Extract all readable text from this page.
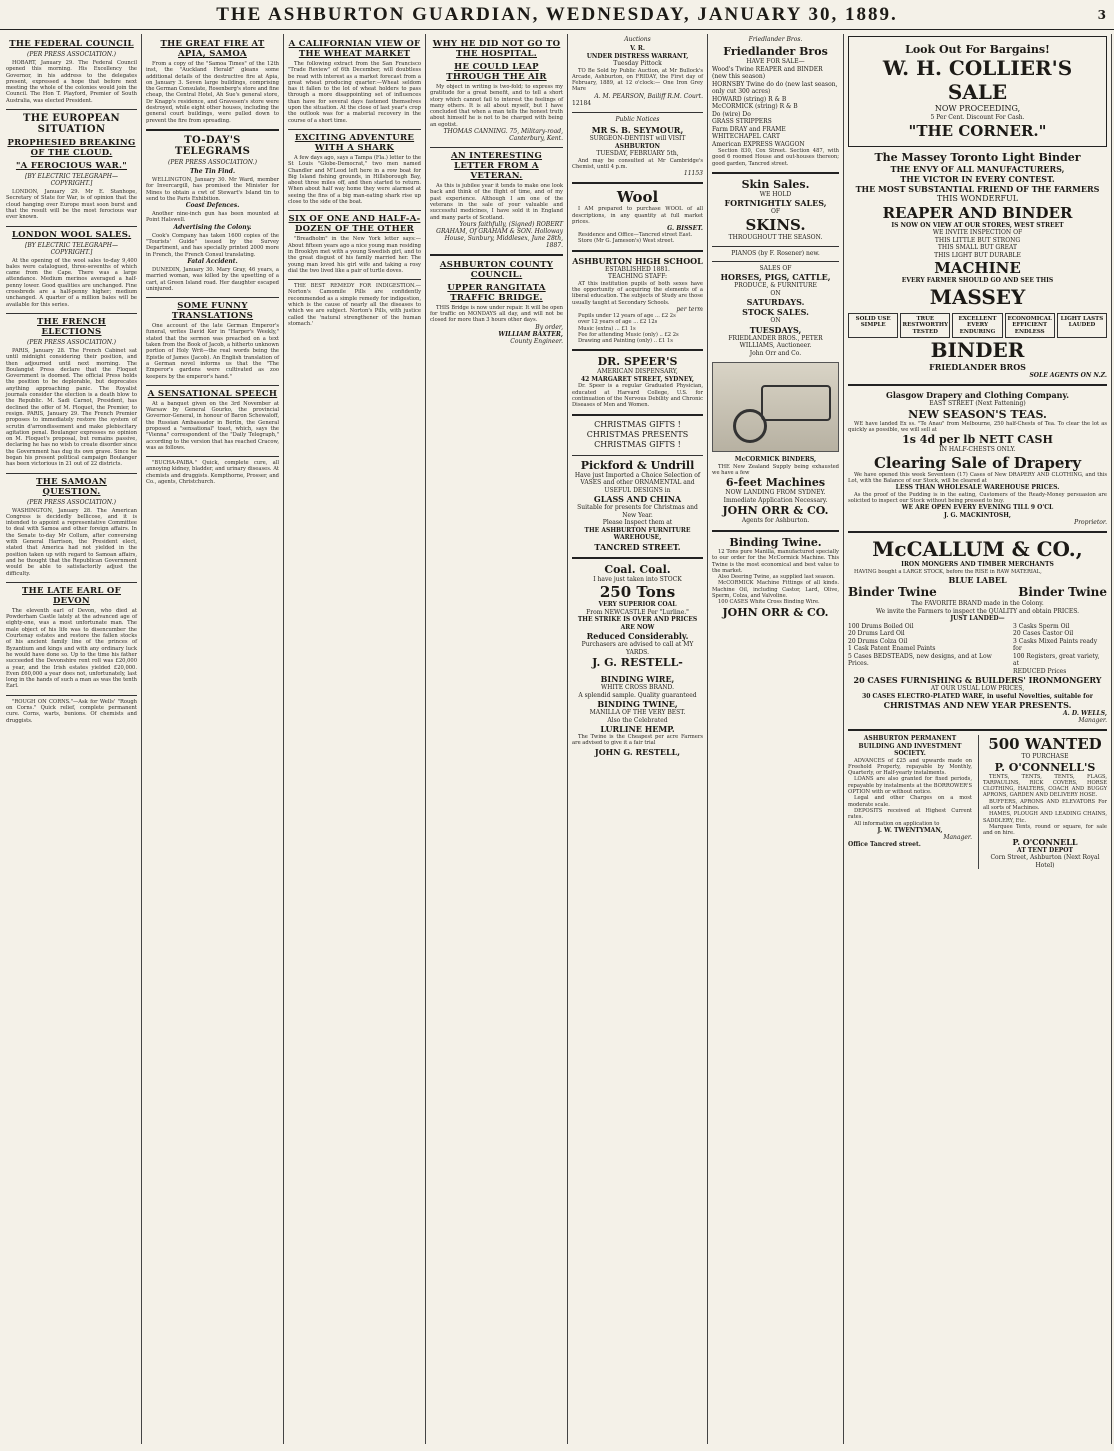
THE ASHBURTON GUARDIAN, WEDNESDAY, JANUARY 30, 1889.	3
THE FEDERAL COUNCIL
(PER PRESS ASSOCIATION.)
HOBART, January 29. The Federal Council opened this morning. His Excellency the Governor, in his address to the delegates present, expressed a hope that before next meeting the whole of the colonies would join the Council. The Hon T. Playford, Premier of South Australia, was elected President.
THE EUROPEAN SITUATION
PROPHESIED BREAKING OF THE CLOUD.
"A FEROCIOUS WAR."
[BY ELECTRIC TELEGRAPH—COPYRIGHT.]
LONDON, January 29. Mr E. Stanhope, Secretary of State for War, is of opinion that the cloud hanging over Europe must soon burst and that the result will be the most ferocious war ever known.
LONDON WOOL SALES.
[BY ELECTRIC TELEGRAPH—COPYRIGHT.]
At the opening of the wool sales to-day 9,400 bales were catalogued, three-sevenths of which came from the Cape. There was a large attendance. Medium merinos averaged a half-penny lower. Good qualities are unchanged. Fine crossbreds are a half-penny higher; medium unchanged. A quarter of a million bales will be available for this series.
THE FRENCH ELECTIONS
(PER PRESS ASSOCIATION.)
PARIS, January 28. The French Cabinet sat until midnight considering their position, and then adjourned until next morning. The Boulangist Press declare that the Floquet Government is doomed. The official Press holds the position to be deplorable, but deprecates anything approaching panic. The Royalist journals consider the election is a death blow to the Republic. M. Sadi Carnot, President, has declined the offer of M. Floquet, the Premier, to resign. PARIS, January 29. The French Premier proposes to immediately restore the system of scrutin d'arrondissement and make plebiscitary agitation penal. Boulanger expresses no opinion on M. Floquet's proposal, but remains passive, declaring he has no wish to create disorder since the Government has dug its own grave. Since he began his present political campaign Boulanger has been victorious in 21 out of 22 districts.
THE SAMOAN QUESTION.
(PER PRESS ASSOCIATION.)
WASHINGTON, January 28. The American Congress is decidedly bellicose, and it is intended to appoint a representative Committee to deal with Samoa and other foreign affairs. In the Senate to-day Mr Collum, after conversing with General Harrison, the President elect, stated that America had not yielded in the position taken up with regard to Samoan affairs, and he thought that the Republican Government would be able to satisfactorily adjust the difficulty.
THE LATE EARL OF DEVON
The eleventh earl of Devon, who died at Powderham Castle lately at the advanced age of eighty-one, was a most unfortunate man. The male object of his life was to disencumber the Courtenay estates and restore the fallen stocks of his ancient family line of the princes of Byzantium and kings and with any ordinary luck he would have done so. Up to the time his father succeeded the Devonshire rent roll was £20,000 a year, and the Irish estates yielded £20,000. Even £60,000 a year does not, unfortunately, last long in the hands of such a man as was the tenth Earl.
"ROUGH ON CORNS."—Ask for Wells' "Rough on Corns." Quick relief, complete permanent cure. Corns, warts, bunions. Of chemists and druggists.
THE GREAT FIRE AT APIA, SAMOA
From a copy of the "Samoa Times" of the 12th inst, the "Auckland Herald" gleans some additional details of the destructive fire at Apia, on January 3. Seven large buildings, comprising the German Consulate, Rosenberg's store and fine cheap, the Central Hotel, Ah Sue's general store, Dr Knapp's residence, and Gravesen's store were destroyed, while eight other houses, including the general court buildings, were pulled down to prevent the fire from spreading.
TO-DAY'S TELEGRAMS
(PER PRESS ASSOCIATION.)
The Tin Find.
WELLINGTON, January 30. Mr Ward, member for Invercargill, has promised the Minister for Mines to obtain a cwt of Stewart's Island tin to send to the Paris Exhibition.
Coast Defences.
Another nine-inch gun has been mounted at Point Halswell.
Advertising the Colony.
Cook's Company has taken 1600 copies of the "Tourists' Guide" issued by the Survey Department, and has specially printed 2000 more in French, the French Consul translating.
Fatal Accident.
DUNEDIN, January 30. Mary Gray, 46 years, a married woman, was killed by the upsetting of a cart, at Green Island road. Her daughter escaped uninjured.
SOME FUNNY TRANSLATIONS
One account of the late German Emperor's funeral, writes David Ker in "Harper's Weekly," stated that the sermon was preached on a text taken from the Book of Jacob, a hitherto unknown portion of Holy Writ—the real words being the Epistle of James (Jacob). An English translation of a German novel informs us that the "The Emperor's gardens were cultivated as zoo keepers by the emperor's hand."
A SENSATIONAL SPEECH
At a banquet given on the 3rd November at Warsaw by General Gourko, the provincial Governor-General, in honour of Baron Schewaloff, the Russian Ambassador in Berlin, the General proposed a "sensational" toast, which, says the "Vienna" correspondent of the "Daily Telegraph," according to the version that has reached Cracow, was as follows.
"BUCHA-PAIBA." Quick, complete cure, all annoying kidney, bladder, and urinary diseases. At chemists and druggists. Kempthorne, Prosser, and Co., agents, Christchurch.
A CALIFORNIAN VIEW OF THE WHEAT MARKET
The following extract from the San Francisco "Trade Review" of 6th December, will doubtless be read with interest as a market forecast from a great wheat producing quarter:—Wheat seldom has it fallen to the lot of wheat holders to pass through a more disappointing set of influences than have for several days fastened themselves upon the situation. At the close of last year's crop the outlook was for a material recovery in the course of a short time.
EXCITING ADVENTURE WITH A SHARK
A few days ago, says a Tampa (Fla.) letter to the St Louis "Globe-Democrat," two men named Chandler and M'Leod left here in a row boat for Big Island fishing grounds, in Hillsborough Bay, about three miles off, and then started to return. When about half way home they were alarmed at seeing the fins of a big man-eating shark rise up close to the side of the boat.
SIX OF ONE AND HALF-A-DOZEN OF THE OTHER
"Breadholm" in the New York letter says:—About fifteen years ago a nice young man residing in Brooklyn met with a young Swedish girl, and to the great disgust of his family married her. The young man loved his girl wife and taking a rosy dial the two lived like a pair of turtle doves.
THE BEST REMEDY FOR INDIGESTION.—Norton's Camomile Pills are confidently recommended as a simple remedy for indigestion, which is the cause of nearly all the diseases to which we are subject. Norton's Pills, with justice called the 'natural strengthener of the human stomach.'
WHY HE DID NOT GO TO THE HOSPITAL.
HE COULD LEAP THROUGH THE AIR
My object in writing is two-fold; to express my gratitude for a great benefit, and to tell a short story which cannot fail to interest the feelings of many others. It is all about myself, but I have concluded that when a man tells the honest truth about himself he is not to be charged with being an egotist.
THOMAS CANNING. 75, Military-road, Canterbury, Kent.
AN INTERESTING LETTER FROM A VETERAN.
As this is jubilee year it tends to make one look back and think of the flight of time, and of my past experience. Although I am one of the veterans in the sale of your valuable and successful medicines, I have sold it in England and many parts of Scotland.
Yours faithfully, (Signed) ROBERT GRAHAM, Of GRAHAM & SON. Holloway House, Sunbury, Middlesex, June 28th, 1887.
ASHBURTON COUNTY COUNCIL.
UPPER RANGITATA TRAFFIC BRIDGE.
THIS Bridge is now under repair. It will be open for traffic on MONDAYS all day, and will not be closed for more than 3 hours other days.
By order,
WILLIAM BAXTER,
County Engineer.
Auctions
V. R.
UNDER DISTRESS WARRANT,
Tuesday Pittock
TO Be Sold by Public Auction, at Mr Bullock's Arcade, Ashburton, on FRIDAY, the First day of February, 1889, at 12 o'clock:— One Iron Grey Mare
A. M. PEARSON, Bailiff R.M. Court.
12184
Public Notices
MR S. B. SEYMOUR,
SURGEON-DENTIST will VISIT
ASHBURTON
TUESDAY, FEBRUARY 5th,
And may be consulted at Mr Cambridge's Chemist, until 4 p.m.
11153
Wool
I AM prepared to purchase WOOL of all descriptions, in any quantity at full market prices.
G. BISSET.
Residence and Office—Tancred street East.
Store (Mr G. Jameson's) West street.
ASHBURTON HIGH SCHOOL
ESTABLISHED 1881.
TEACHING STAFF:
AT this institution pupils of both sexes have the opportunity of acquiring the elements of a liberal education. The subjects of Study are those usually taught at Secondary Schools.
per term
Pupils under 12 years of age ... £2 2s
over 12 years of age ... £2 12s
Music (extra) ... £1 1s
Fee for attending Music (only) .. £2 2s
Drawing and Painting (only) .. £1 1s
DR. SPEER'S
AMERICAN DISPENSARY,
42 MARGARET STREET, SYDNEY,
Dr. Speer is a regular Graduated Physician, educated at Harvard College, U.S. for continuation of the Nervous Debility and Chronic Diseases of Men and Women.
CHRISTMAS GIFTS !
CHRISTMAS PRESENTS
CHRISTMAS GIFTS !
Pickford & Undrill
Have just Imported a Choice Selection of
VASES and other ORNAMENTAL and USEFUL DESIGNS in
GLASS AND CHINA
Suitable for presents for Christmas and New Year.
Please Inspect them at
THE ASHBURTON FURNITURE WAREHOUSE,
TANCRED STREET.
Coal. Coal.
I have just taken into STOCK
250 Tons
VERY SUPERIOR COAL
From NEWCASTLE Per "Lurline."
THE STRIKE IS OVER AND PRICES ARE NOW
Reduced Considerably.
Purchasers are advised to call at MY YARDS.
J. G. RESTELL-
BINDING WIRE,
WHITE CROSS BRAND.
A splendid sample. Quality guaranteed
BINDING TWINE,
MANILLA OF THE VERY BEST.
Also the Celebrated
LURLINE HEMP.
The Twine is the Cheapest per acre Farmers are advised to give it a fair trial
JOHN G. RESTELL,
Friedlander Bros.
Friedlander Bros
HAVE FOR SALE—
Wood's Twine REAPER and BINDER (new this season)
HORNSBY Twine do do (new last season, only cut 300 acres)
HOWARD (string) R & B
McCORMICK (string) R & B
Do (wire) Do
GRASS STRIPPERS
Farm DRAY and FRAME
WHITECHAPEL CART
American EXPRESS WAGGON
Section 830, Cox Street. Section 487, with good 6 roomed House and out-houses thereon; good garden, Tancred street.
Skin Sales.
WE HOLD
FORTNIGHTLY SALES,
OF
SKINS.
THROUGHOUT THE SEASON.
PIANOS (by F. Rosener) new.
SALES OF
HORSES, PIGS, CATTLE,
PRODUCE, & FURNITURE
ON
SATURDAYS.
STOCK SALES.
ON
TUESDAYS,
FRIEDLANDER BROS., PETER WILLIAMS, Auctioneer.
John Orr and Co.
McCORMICK BINDERS,
THE New Zealand Supply being exhausted we have a few
6-feet Machines
NOW LANDING FROM SYDNEY.
Immediate Application Necessary.
JOHN ORR & CO.
Agents for Ashburton.
Binding Twine.
12 Tons pure Manilla, manufactured specially to our order for the McCormick Machine. This Twine is the most economical and best value to the market.
Also Deering Twine, as supplied last season.
McCORMICK Machine Fittings of all kinds. Machine Oil, including Castor, Lard, Olive, Sperm, Colza, and Valvoline.
100 CASES White Cross Binding Wire.
JOHN ORR & CO.
Look Out For Bargains!
W. H. COLLIER'S SALE
NOW PROCEEDING,
5 Per Cent. Discount For Cash.
"THE CORNER."
The Massey Toronto Light Binder
THE ENVY OF ALL MANUFACTURERS,
THE VICTOR IN EVERY CONTEST.
THE MOST SUBSTANTIAL FRIEND OF THE FARMERS
THIS WONDERFUL
REAPER AND BINDER
IS NOW ON VIEW AT OUR STORES, WEST STREET
WE INVITE INSPECTION OF
THIS LITTLE BUT STRONG
THIS SMALL BUT GREAT
THIS LIGHT BUT DURABLE
MACHINE
EVERY FARMER SHOULD GO AND SEE THIS
MASSEY
SOLID USE SIMPLE
TRUE RESTWORTHY TESTED
EXCELLENT EVERY ENDURING
ECONOMICAL EFFICIENT ENDLESS
LIGHT LASTS LAUDED
BINDER
FRIEDLANDER BROS
SOLE AGENTS ON N.Z.
Glasgow Drapery and Clothing Company.
EAST STREET (Next Fattening)
NEW SEASON'S TEAS.
WE have landed Ex ss. "Te Anau" from Melbourne, 250 half-Chests of Tea. To clear the lot as quickly as possible, we will sell at
1s 4d per lb NETT CASH
IN HALF-CHESTS ONLY.
Clearing Sale of Drapery
We have opened this week Seventeen (17) Cases of New DRAPERY AND CLOTHING, and this Lot, with the Balance of our Stock, will be cleared at
LESS THAN WHOLESALE WAREHOUSE PRICES.
As the proof of the Pudding is in the eating, Customers of the Ready-Money persuasion are solicited to inspect our Stock without being pressed to buy.
WE ARE OPEN EVERY EVENING TILL 9 O'CL
J. G. MACKINTOSH,
Proprietor.
McCALLUM & CO.,
IRON MONGERS AND TIMBER MERCHANTS
HAVING bought a LARGE STOCK, before the RISE in RAW MATERIAL,
BLUE LABEL
Binder Twine	Binder Twine
The FAVORITE BRAND made in the Colony.
We invite the Farmers to inspect the QUALITY and obtain PRICES.
JUST LANDED—
100 Drums Boiled Oil
20 Drums Lard Oil
20 Drums Colza Oil
1 Cask Patent Enamel Paints
5 Cases BEDSTEADS, new designs, and at Low Prices.
3 Casks Sperm Oil
20 Cases Castor Oil
3 Casks Mixed Paints ready for
100 Registers, great variety, at
REDUCED Prices
20 CASES FURNISHING & BUILDERS' IRONMONGERY
AT OUR USUAL LOW PRICES,
30 CASES ELECTRO-PLATED WARE, in useful Novelties, suitable for
CHRISTMAS AND NEW YEAR PRESENTS.
A. D. WELLS,
Manager.
ASHBURTON PERMANENT BUILDING AND INVESTMENT SOCIETY.
ADVANCES of £25 and upwards made on Freehold Property, repayable by Monthly, Quarterly, or Half-yearly instalments.
LOANS are also granted for fixed periods, repayable by instalments at the BORROWER'S OPTION with or without notice.
Legal and other Charges on a most moderate scale.
DEPOSITS received at Highest Current rates.
All information on application to
J. W. TWENTYMAN,
Manager.
Office Tancred street.
500 WANTED
TO PURCHASE
P. O'CONNELL'S
TENTS, TENTS, TENTS, FLAGS, TARPAULINS, RICK COVERS, HORSE CLOTHING, HALTERS, COACH AND BUGGY APRONS, GARDEN AND DELIVERY HOSE.
BUFFERS, APRONS AND ELEVATORS For all sorts of Machines.
HAMES, PLOUGH AND LEADING CHAINS, SADDLERY, Etc.
Marquee Tents, round or square, for sale and on hire.
P. O'CONNELL
AT TENT DEPOT
Corn Street, Ashburton (Next Royal Hotel)
